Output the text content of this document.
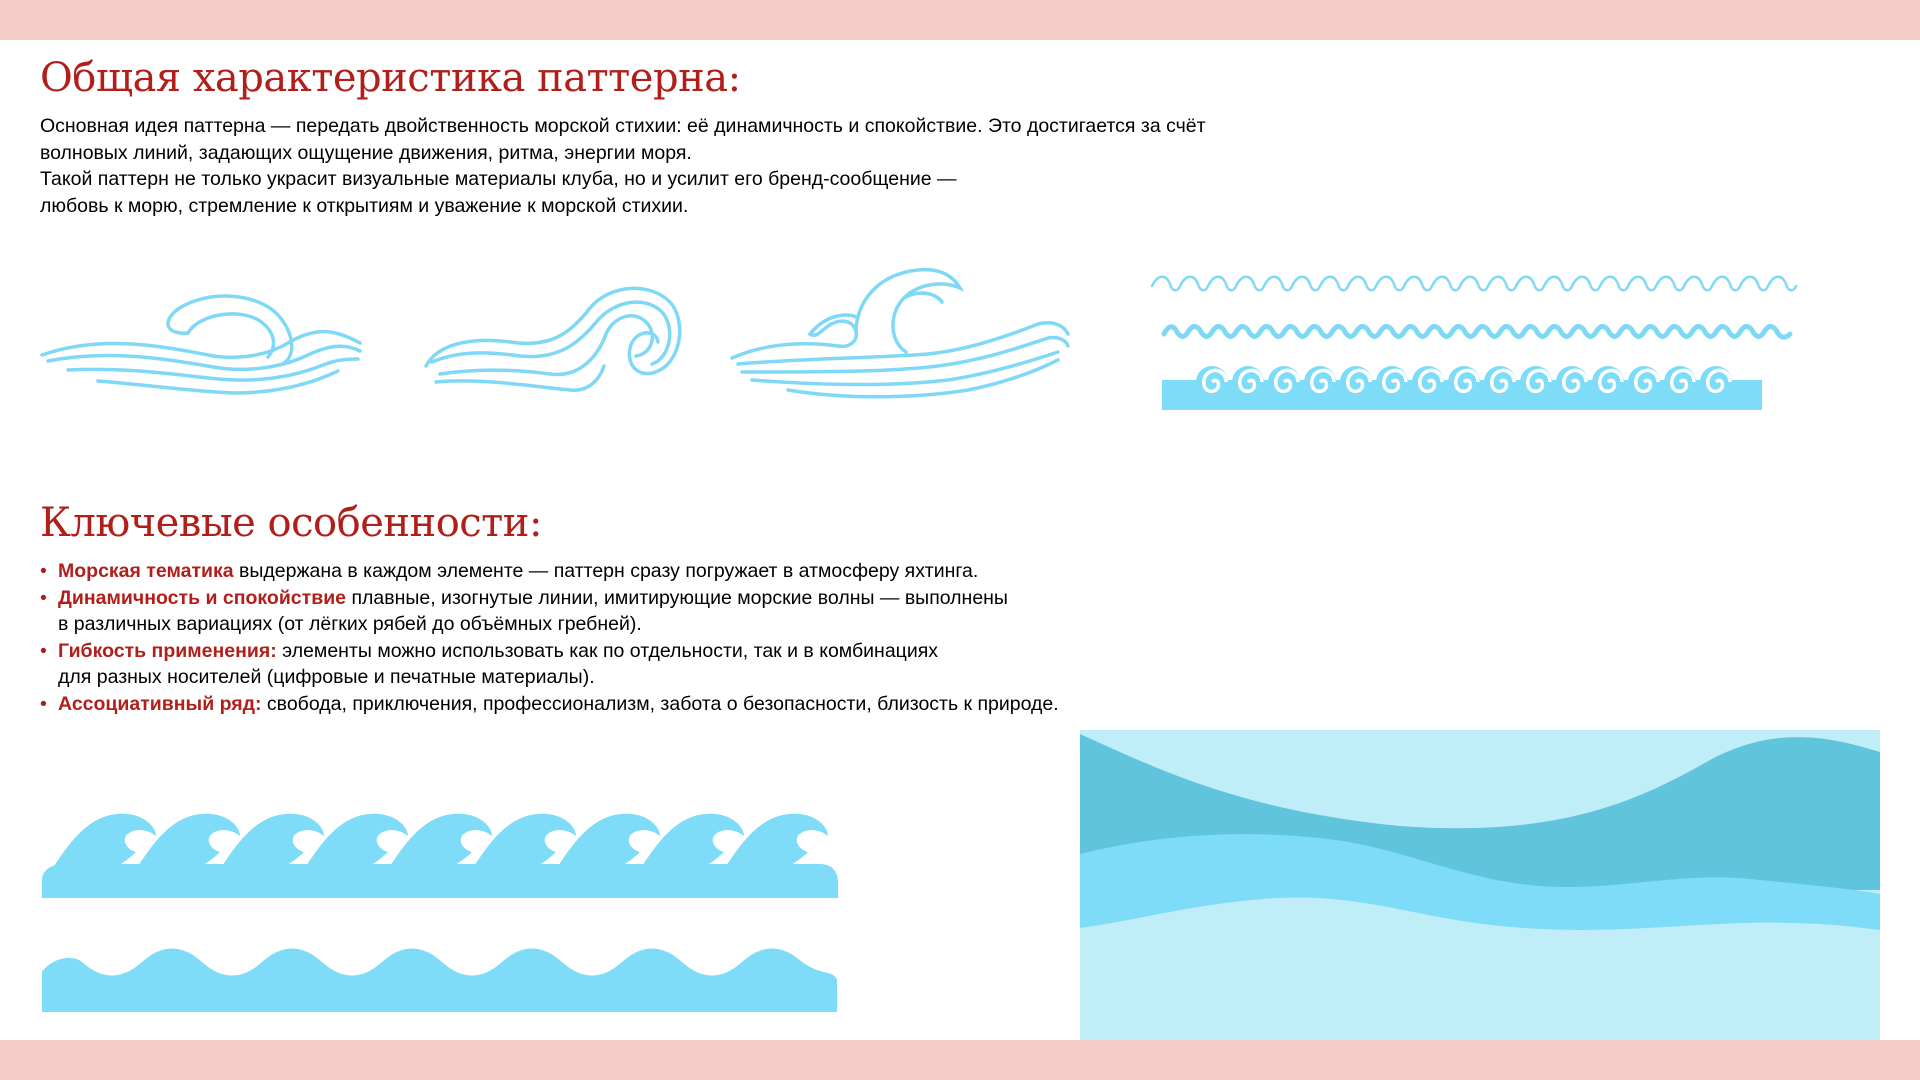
Общая характеристика паттерна:

Основная идея паттерна — передать двойственность морской стихии: её динамичность и спокойствие. Это достигается за счёт
волновых линий, задающих ощущение движения, ритма, энергии моря.

Такой паттерн не только украсит визуальные материалы клуба, но и усилит его бренд-сообщение —
любовь к морю, стремление к открытиям и уважение к морской стихии.

Ключевые особенности:
• Морская тематика выдержана в каждом элементе — паттерн сразу погружает в атмосферу яхтинга.
• Динамичность и спокойствие плавные, изогнутые линии, имитирующие морские волны — выполнены
в различных вариациях (от лёгких рябей до объёмных гребней).
• Гибкость применения: элементы можно использовать как по отдельности, так и в комбинациях
для разных носителей (цифровые и печатные материалы).
• Ассоциативный ряд: свобода, приключения, профессионализм, забота о безопасности, близость к природе.
